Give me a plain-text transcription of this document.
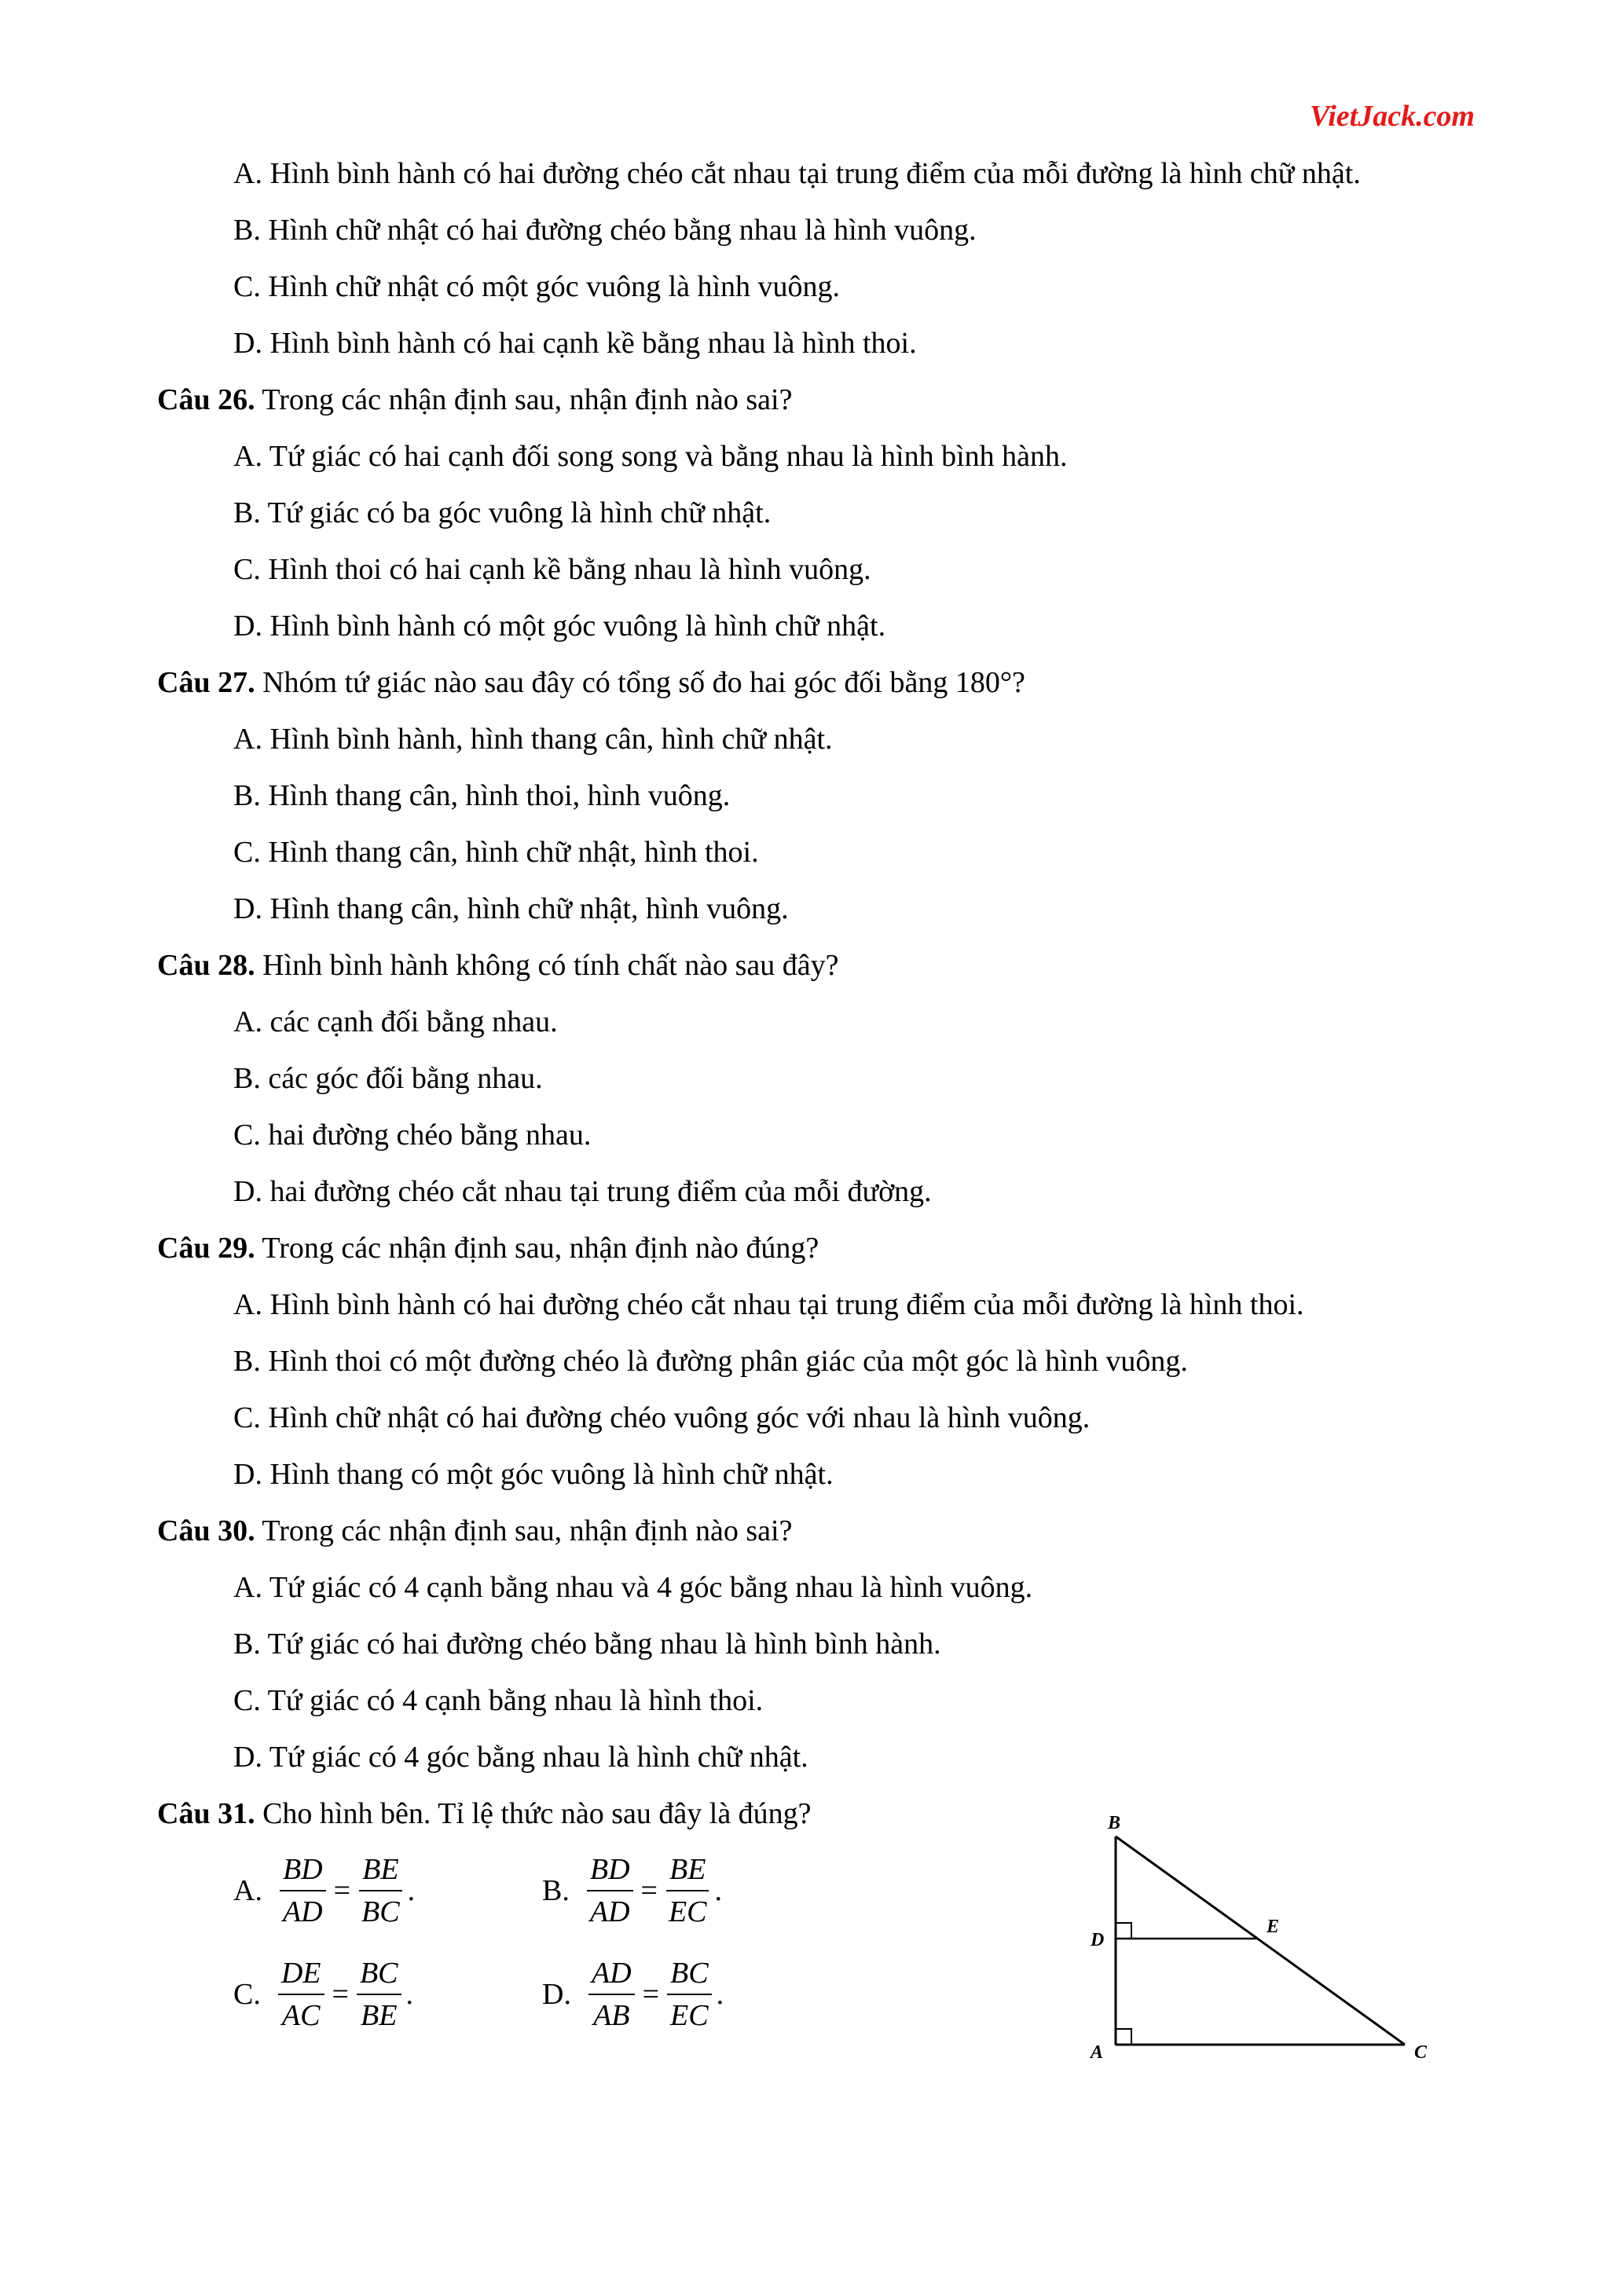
VietJack.com
A. Hình bình hành có hai đường chéo cắt nhau tại trung điểm của mỗi đường là hình chữ nhật.
B. Hình chữ nhật có hai đường chéo bằng nhau là hình vuông.
C. Hình chữ nhật có một góc vuông là hình vuông.
D. Hình bình hành có hai cạnh kề bằng nhau là hình thoi.
Câu 26. Trong các nhận định sau, nhận định nào sai?
A. Tứ giác có hai cạnh đối song song và bằng nhau là hình bình hành.
B. Tứ giác có ba góc vuông là hình chữ nhật.
C. Hình thoi có hai cạnh kề bằng nhau là hình vuông.
D. Hình bình hành có một góc vuông là hình chữ nhật.
Câu 27. Nhóm tứ giác nào sau đây có tổng số đo hai góc đối bằng 180°?
A. Hình bình hành, hình thang cân, hình chữ nhật.
B. Hình thang cân, hình thoi, hình vuông.
C. Hình thang cân, hình chữ nhật, hình thoi.
D. Hình thang cân, hình chữ nhật, hình vuông.
Câu 28. Hình bình hành không có tính chất nào sau đây?
A. các cạnh đối bằng nhau.
B. các góc đối bằng nhau.
C. hai đường chéo bằng nhau.
D. hai đường chéo cắt nhau tại trung điểm của mỗi đường.
Câu 29. Trong các nhận định sau, nhận định nào đúng?
A. Hình bình hành có hai đường chéo cắt nhau tại trung điểm của mỗi đường là hình thoi.
B. Hình thoi có một đường chéo là đường phân giác của một góc là hình vuông.
C. Hình chữ nhật có hai đường chéo vuông góc với nhau là hình vuông.
D. Hình thang có một góc vuông là hình chữ nhật.
Câu 30. Trong các nhận định sau, nhận định nào sai?
A. Tứ giác có 4 cạnh bằng nhau và 4 góc bằng nhau là hình vuông.
B. Tứ giác có hai đường chéo bằng nhau là hình bình hành.
C. Tứ giác có 4 cạnh bằng nhau là hình thoi.
D. Tứ giác có 4 góc bằng nhau là hình chữ nhật.
Câu 31. Cho hình bên. Tỉ lệ thức nào sau đây là đúng?
A. $\frac{BD}{AD} = \frac{BE}{BC}$ .	B. $\frac{BD}{AD} = \frac{BE}{EC}$ .
C. $\frac{DE}{AC} = \frac{BC}{BE}$ .	D. $\frac{AD}{AB} = \frac{BC}{EC}$ .
B
D
E
A	C
